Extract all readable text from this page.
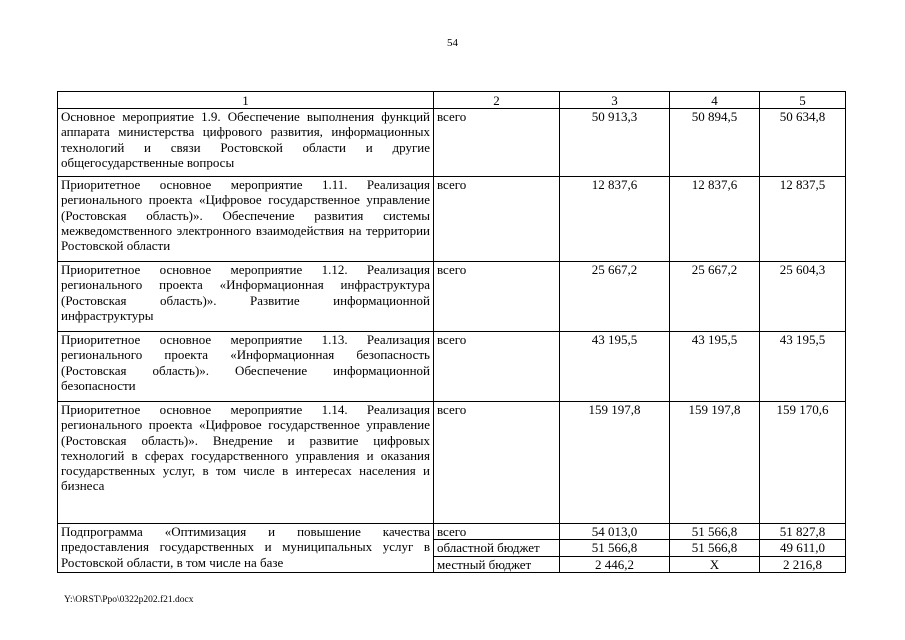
54
1	2	3	4	5
Основное мероприятие 1.9. Обеспечение выполнения функций аппарата министерства цифрового развития, информационных технологий и связи Ростовской области и другие общегосударственные вопросы	всего	50 913,3	50 894,5	50 634,8
Приоритетное основное мероприятие 1.11. Реализация регионального проекта «Цифровое государственное управление (Ростовская область)». Обеспечение развития системы межведомственного электронного взаимодействия на территории Ростовской области	всего	12 837,6	12 837,6	12 837,5
Приоритетное основное мероприятие 1.12. Реализация регионального проекта «Информационная инфраструктура (Ростовская область)». Развитие информационной инфраструктуры	всего	25 667,2	25 667,2	25 604,3
Приоритетное основное мероприятие 1.13. Реализация регионального проекта «Информационная безопасность (Ростовская область)». Обеспечение информационной безопасности	всего	43 195,5	43 195,5	43 195,5
Приоритетное основное мероприятие 1.14. Реализация регионального проекта «Цифровое государственное управление (Ростовская область)». Внедрение и развитие цифровых технологий в сферах государственного управления и оказания государственных услуг, в том числе в интересах населения и бизнеса	всего	159 197,8	159 197,8	159 170,6
Подпрограмма «Оптимизация и повышение качества предоставления государственных и муниципальных услуг в Ростовской области, в том числе на базе	всего	54 013,0	51 566,8	51 827,8
	областной бюджет	51 566,8	51 566,8	49 611,0
	местный бюджет	2 446,2	Х	2 216,8
Y:\ORST\Ppo\0322p202.f21.docx
